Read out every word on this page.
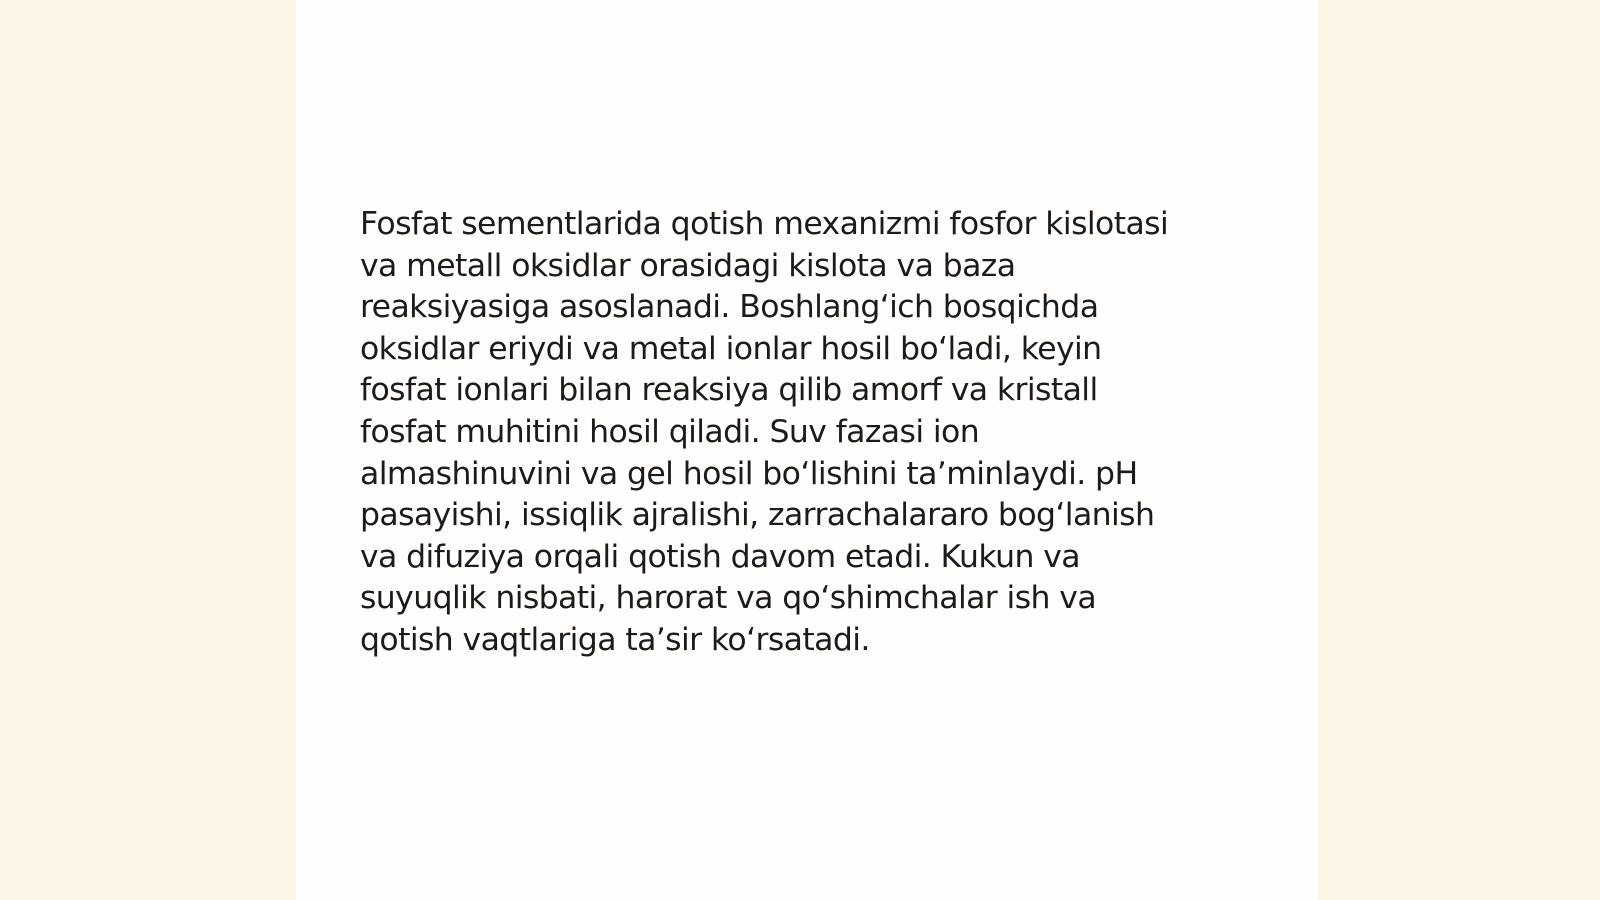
Fosfat sementlarida qotish mexanizmi fosfor kislotasi
va metall oksidlar orasidagi kislota va baza
reaksiyasiga asoslanadi. Boshlang‘ich bosqichda
oksidlar eriydi va metal ionlar hosil bo‘ladi, keyin
fosfat ionlari bilan reaksiya qilib amorf va kristall
fosfat muhitini hosil qiladi. Suv fazasi ion
almashinuvini va gel hosil bo‘lishini ta’minlaydi. pH
pasayishi, issiqlik ajralishi, zarrachalararo bog‘lanish
va difuziya orqali qotish davom etadi. Kukun va
suyuqlik nisbati, harorat va qo‘shimchalar ish va
qotish vaqtlariga ta’sir ko‘rsatadi.
